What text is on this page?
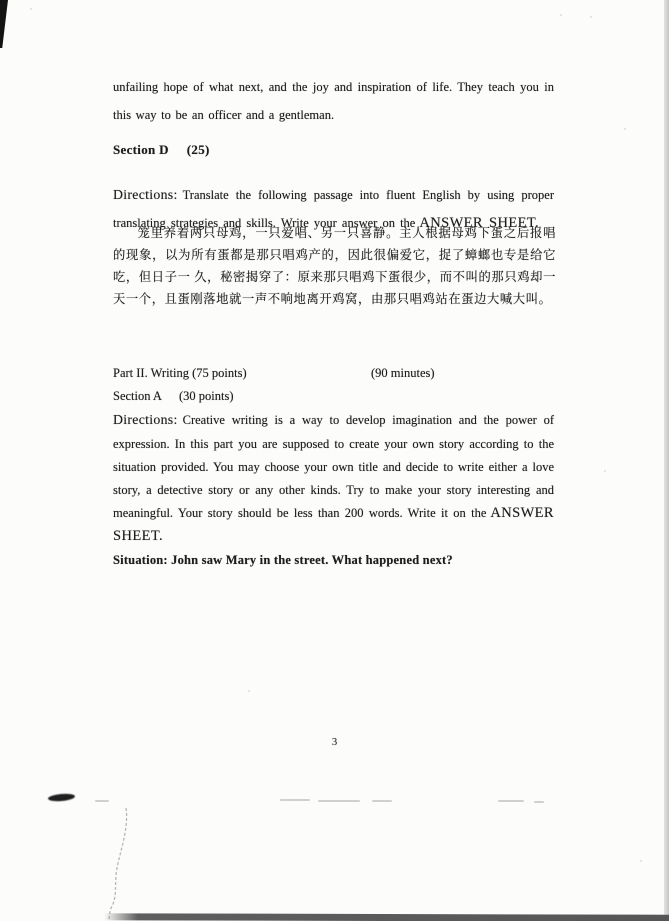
unfailing hope of what next, and the joy and inspiration of life. They teach you in this way to be an officer and a gentleman.

Section D (25)

Directions: Translate the following passage into fluent English by using proper translating strategies and skills. Write your answer on the ANSWER SHEET.

笼里养着两只母鸡，一只爱唱、另一只喜静。主人根据母鸡下蛋之后报唱的现象，以为所有蛋都是那只唱鸡产的，因此很偏爱它，捉了蟑螂也专是给它吃，但日子一 久，秘密揭穿了：原来那只唱鸡下蛋很少，而不叫的那只鸡却一天一个，且蛋刚落地就一声不响地离开鸡窝，由那只唱鸡站在蛋边大喊大叫。

Part II. Writing (75 points)	(90 minutes)
Section A (30 points)
Directions: Creative writing is a way to develop imagination and the power of expression. In this part you are supposed to create your own story according to the situation provided. You may choose your own title and decide to write either a love story, a detective story or any other kinds. Try to make your story interesting and meaningful. Your story should be less than 200 words. Write it on the ANSWER SHEET.
Situation: John saw Mary in the street. What happened next?
3
